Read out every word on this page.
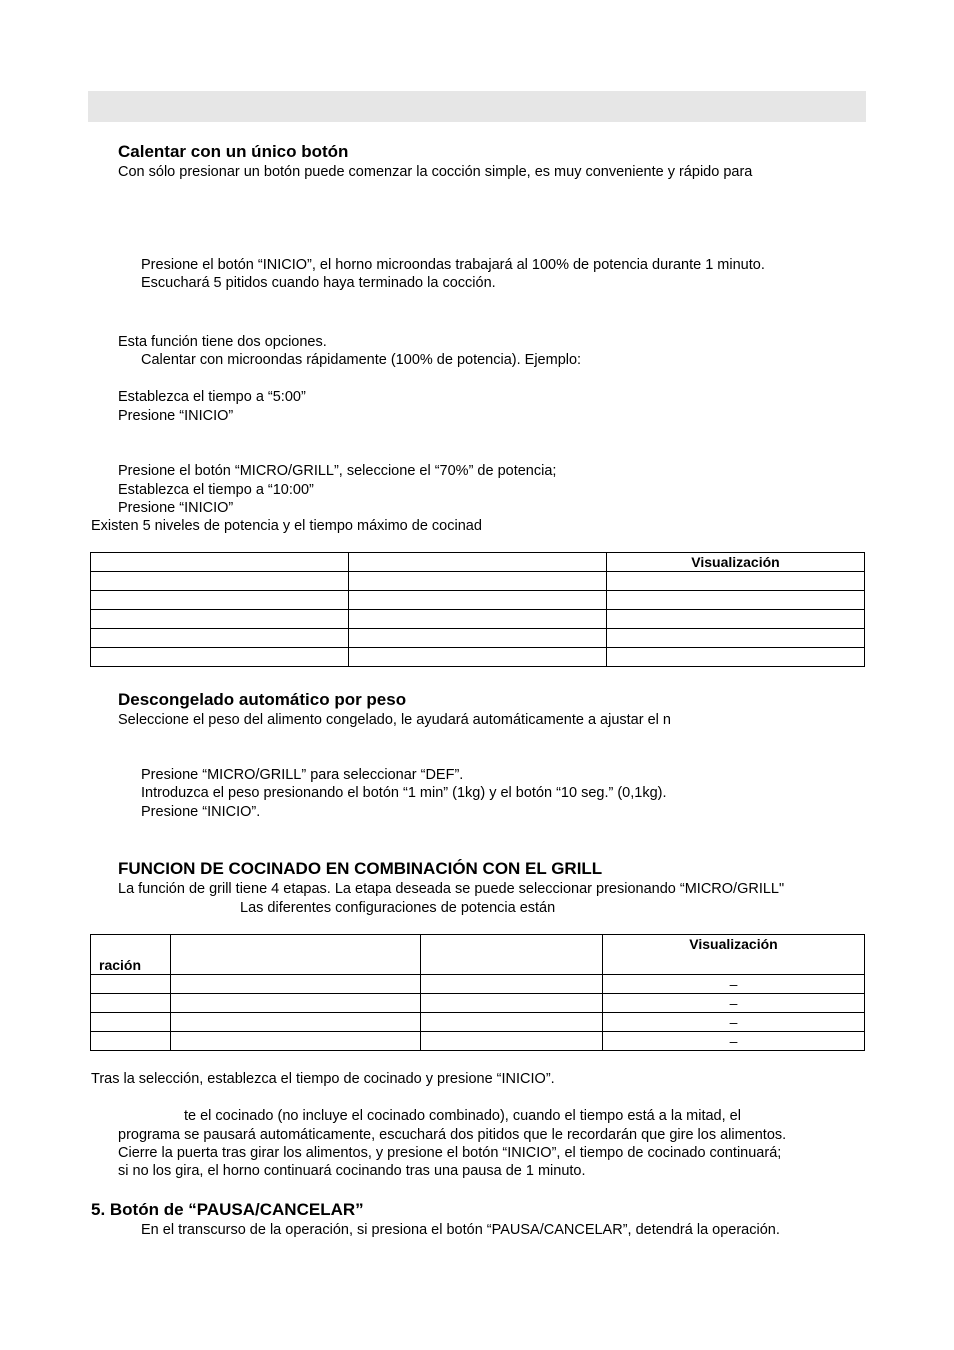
Calentar con un único botón
Con sólo presionar un botón puede comenzar la cocción simple, es muy conveniente y rápido para
Presione el botón “INICIO”, el horno microondas trabajará al 100% de potencia durante 1 minuto.
Escuchará 5 pitidos cuando haya terminado la cocción.
Esta función tiene dos opciones.
Calentar con microondas rápidamente (100% de potencia). Ejemplo:
Establezca el tiempo a “5:00”
Presione “INICIO”
Presione el botón “MICRO/GRILL”, seleccione el “70%” de potencia;
Establezca el tiempo a “10:00”
Presione “INICIO”
Existen 5 niveles de potencia y el tiempo máximo de cocinad
		Visualización

Descongelado automático por peso
Seleccione el peso del alimento congelado, le ayudará automáticamente a ajustar el n
Presione “MICRO/GRILL” para seleccionar “DEF”.
Introduzca el peso presionando el botón “1 min” (1kg) y el botón “10 seg.” (0,1kg).
Presione “INICIO”.
FUNCION DE COCINADO EN COMBINACIÓN CON EL GRILL
La función de grill tiene 4 etapas. La etapa deseada se puede seleccionar presionando “MICRO/GRILL"
Las diferentes configuraciones de potencia están
ración			Visualización
			–
			–
			–
			–
Tras la selección, establezca el tiempo de cocinado y presione “INICIO”.
te el cocinado (no incluye el cocinado combinado), cuando el tiempo está a la mitad, el
programa se pausará automáticamente, escuchará dos pitidos que le recordarán que gire los alimentos.
Cierre la puerta tras girar los alimentos, y presione el botón “INICIO”, el tiempo de cocinado continuará;
si no los gira, el horno continuará cocinando tras una pausa de 1 minuto.
5. Botón de “PAUSA/CANCELAR”
En el transcurso de la operación, si presiona el botón “PAUSA/CANCELAR”, detendrá la operación.
